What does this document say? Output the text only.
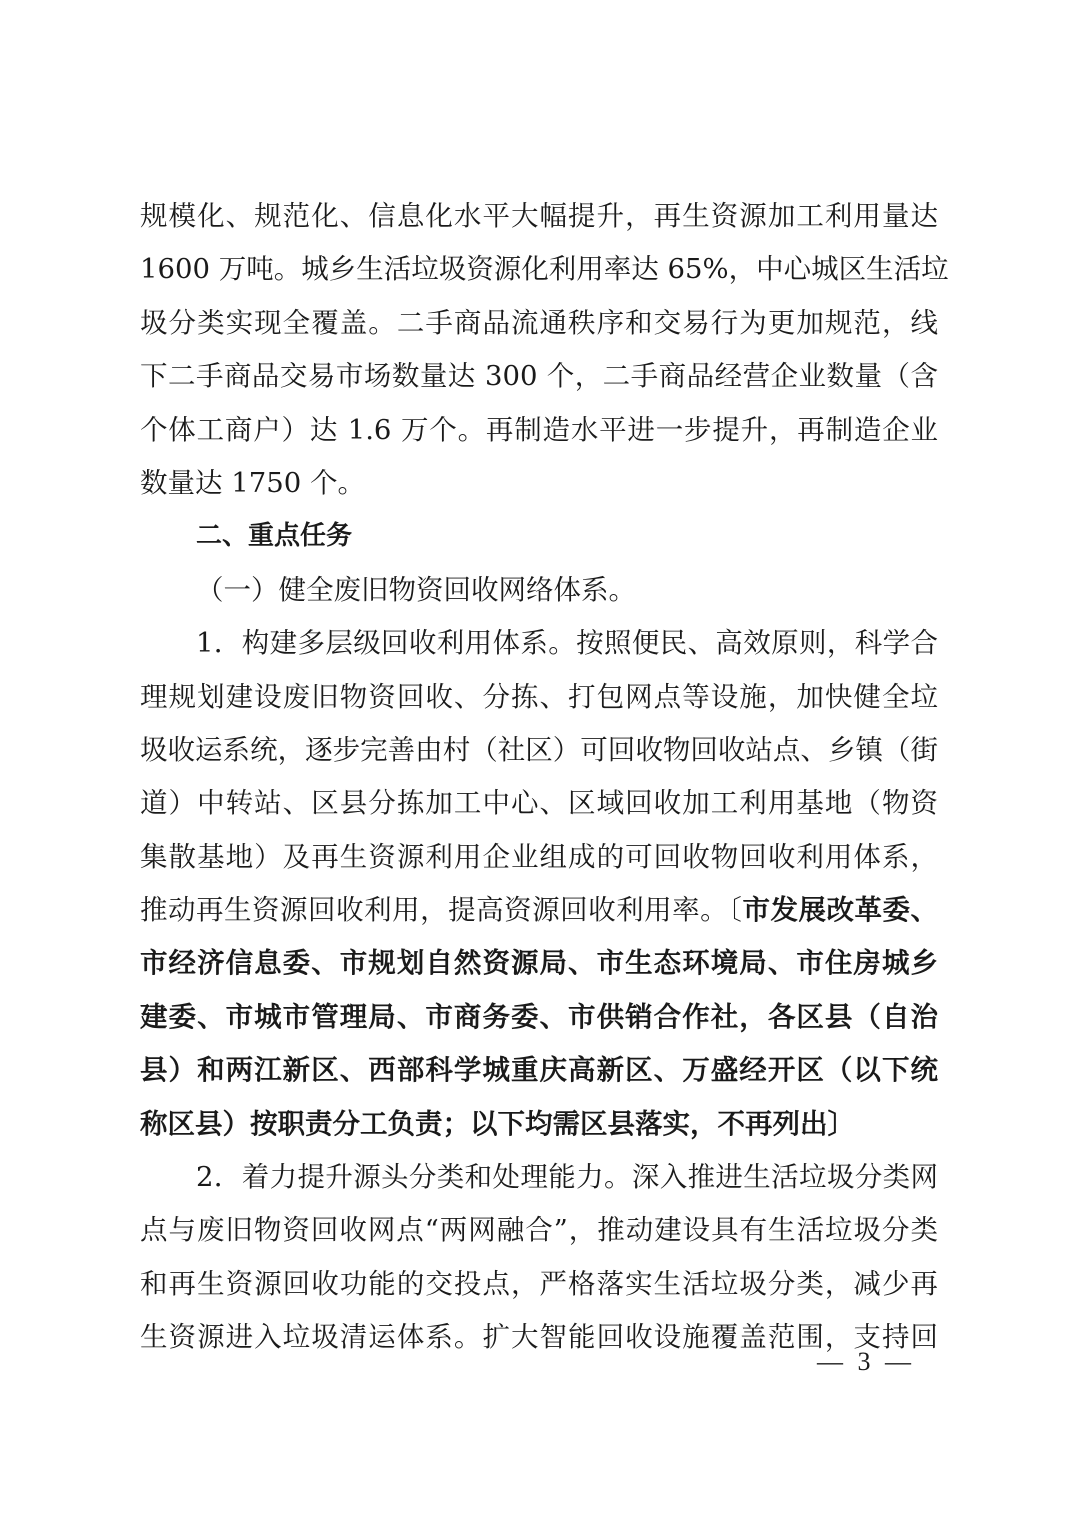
规模化、规范化、信息化水平大幅提升，再生资源加工利用量达
1600 万吨。城乡生活垃圾资源化利用率达 65%，中心城区生活垃
圾分类实现全覆盖。二手商品流通秩序和交易行为更加规范，线
下二手商品交易市场数量达 300 个，二手商品经营企业数量（含
个体工商户）达 1.6 万个。再制造水平进一步提升，再制造企业
数量达 1750 个。
二、重点任务
（一）健全废旧物资回收网络体系。
1．构建多层级回收利用体系。按照便民、高效原则，科学合
理规划建设废旧物资回收、分拣、打包网点等设施，加快健全垃
圾收运系统，逐步完善由村（社区）可回收物回收站点、乡镇（街
道）中转站、区县分拣加工中心、区域回收加工利用基地（物资
集散基地）及再生资源利用企业组成的可回收物回收利用体系，
推动再生资源回收利用，提高资源回收利用率。〔市发展改革委、
市经济信息委、市规划自然资源局、市生态环境局、市住房城乡
建委、市城市管理局、市商务委、市供销合作社，各区县（自治
县）和两江新区、西部科学城重庆高新区、万盛经开区（以下统
称区县）按职责分工负责；以下均需区县落实，不再列出〕
2．着力提升源头分类和处理能力。深入推进生活垃圾分类网
点与废旧物资回收网点“两网融合”，推动建设具有生活垃圾分类
和再生资源回收功能的交投点，严格落实生活垃圾分类，减少再
生资源进入垃圾清运体系。扩大智能回收设施覆盖范围，支持回
— 3 —
